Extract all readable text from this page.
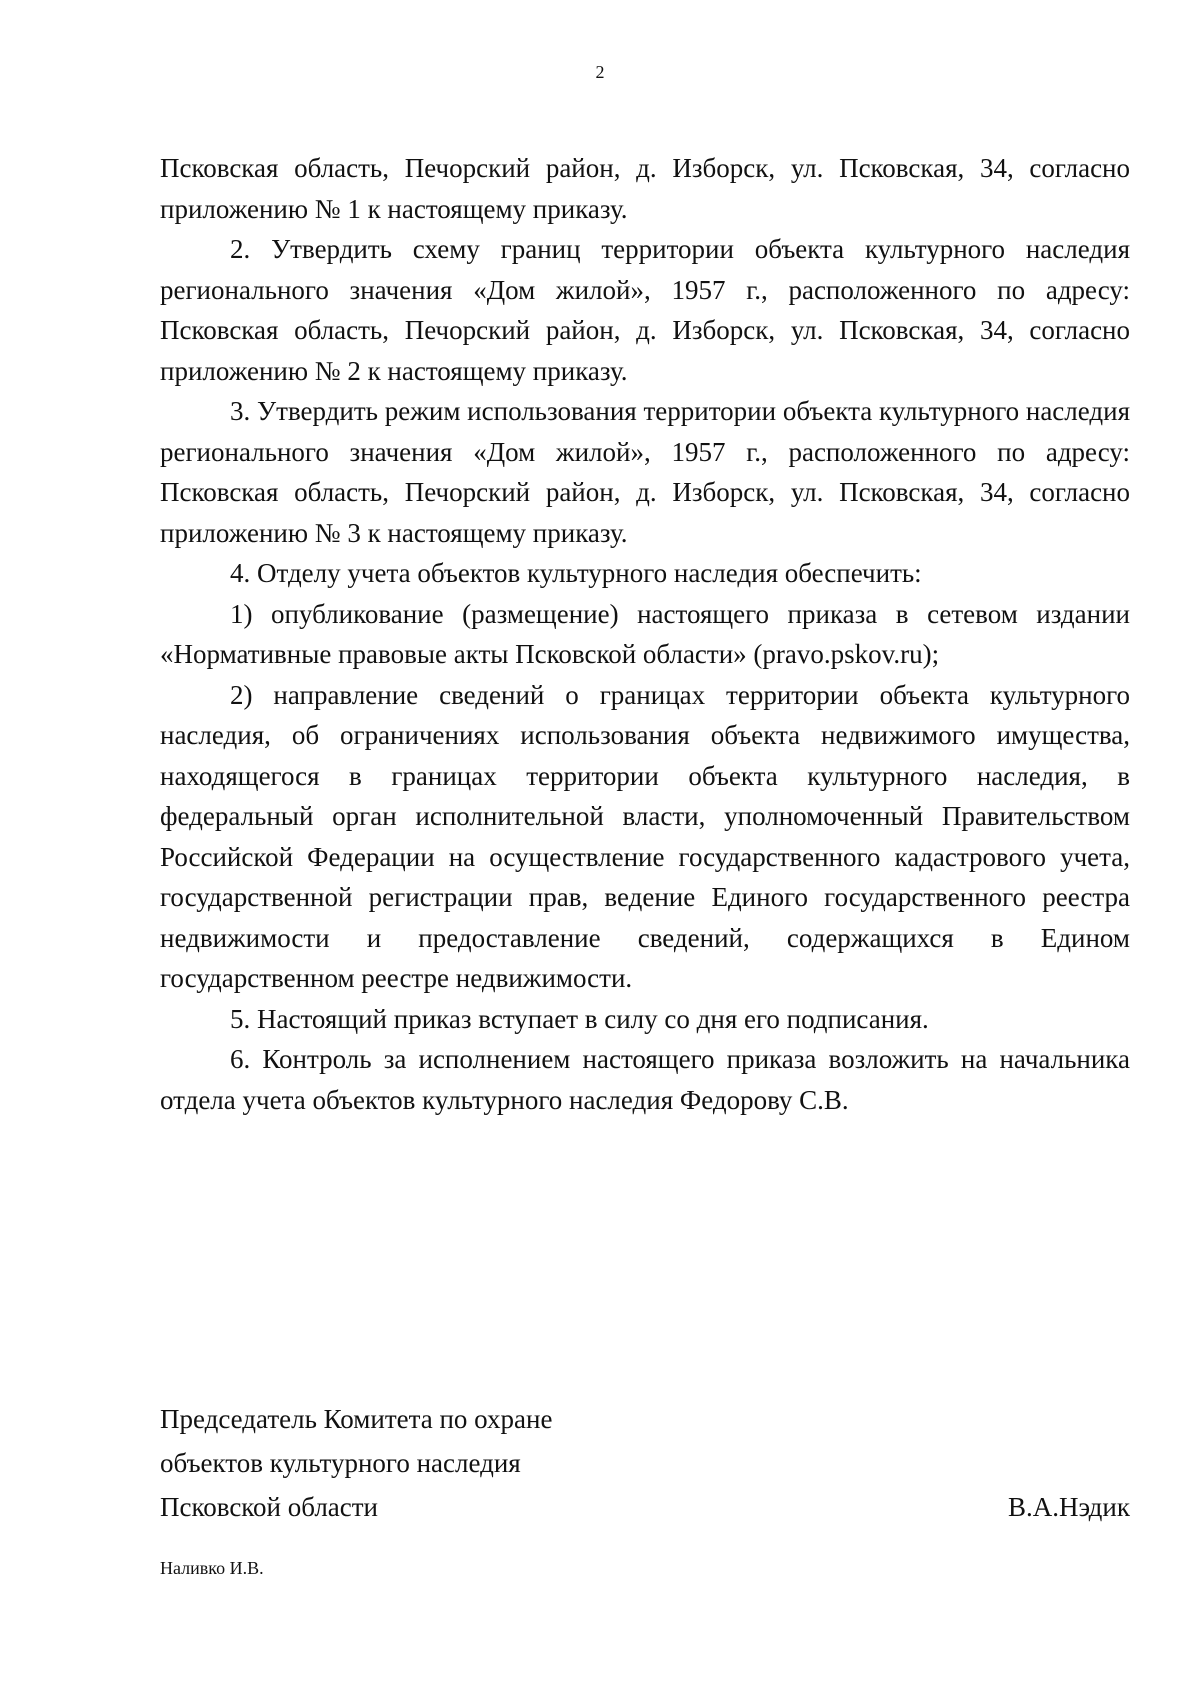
2

Псковская область, Печорский район, д. Изборск, ул. Псковская, 34, согласно приложению № 1 к настоящему приказу.

2. Утвердить схему границ территории объекта культурного наследия регионального значения «Дом жилой», 1957 г., расположенного по адресу: Псковская область, Печорский район, д. Изборск, ул. Псковская, 34, согласно приложению № 2 к настоящему приказу.

3. Утвердить режим использования территории объекта культурного наследия регионального значения «Дом жилой», 1957 г., расположенного по адресу: Псковская область, Печорский район, д. Изборск, ул. Псковская, 34, согласно приложению № 3 к настоящему приказу.

4. Отделу учета объектов культурного наследия обеспечить:

1) опубликование (размещение) настоящего приказа в сетевом издании «Нормативные правовые акты Псковской области» (pravo.pskov.ru);

2) направление сведений о границах территории объекта культурного наследия, об ограничениях использования объекта недвижимого имущества, находящегося в границах территории объекта культурного наследия, в федеральный орган исполнительной власти, уполномоченный Правительством Российской Федерации на осуществление государственного кадастрового учета, государственной регистрации прав, ведение Единого государственного реестра недвижимости и предоставление сведений, содержащихся в Едином государственном реестре недвижимости.

5. Настоящий приказ вступает в силу со дня его подписания.

6. Контроль за исполнением настоящего приказа возложить на начальника отдела учета объектов культурного наследия Федорову С.В.

Председатель Комитета по охране
объектов культурного наследия
Псковской области	В.А.Нэдик
Наливко И.В.
